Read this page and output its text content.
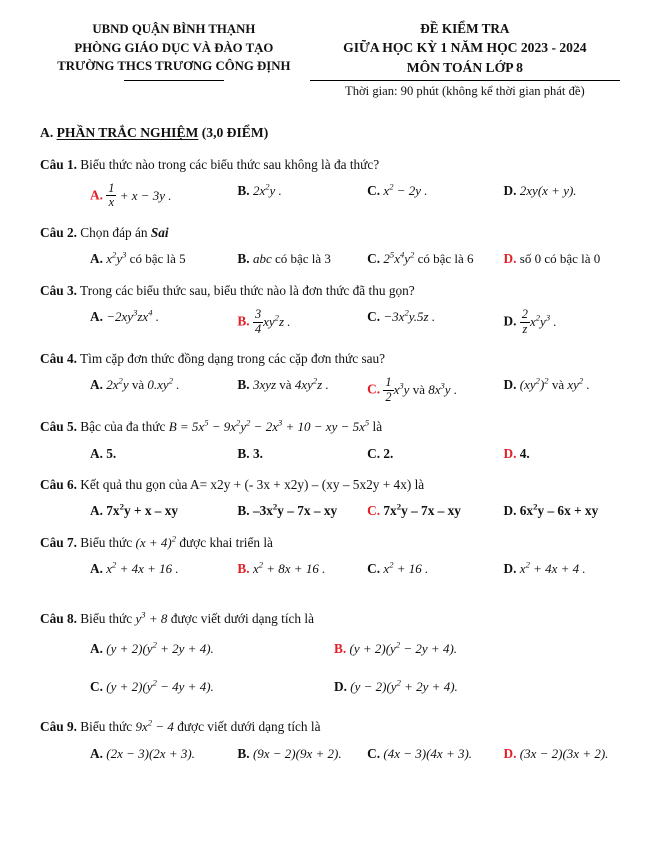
UBND QUẬN BÌNH THẠNH
PHÒNG GIÁO DỤC VÀ ĐÀO TẠO
TRƯỜNG THCS TRƯƠNG CÔNG ĐỊNH
ĐỀ KIỂM TRA
GIỮA HỌC KỲ 1 NĂM HỌC 2023 - 2024
MÔN TOÁN LỚP 8
Thời gian: 90 phút (không kể thời gian phát đề)
A. PHẦN TRẮC NGHIỆM (3,0 ĐIỂM)
Câu 1. Biểu thức nào trong các biểu thức sau không là đa thức?
A. $\frac{1}{x} + x - 3y$ .	B. $2x^2y$ .	C. $x^2 - 2y$ .	D. 2xy(x + y).
Câu 2. Chọn đáp án Sai
A. $x^2y^3$ có bậc là 5	B. abc có bậc là 3	C. $2^5x^4y^2$ có bậc là 6	D. số 0 có bậc là 0
Câu 3. Trong các biểu thức sau, biểu thức nào là đơn thức đã thu gọn?
A. $-2xy^3zx^4$ .	B. $\frac{3}{4} xy^2z$ .	C. $-3x^2y.5z$ .	D. $\frac{2}{z} x^2y^3$ .
Câu 4. Tìm cặp đơn thức đồng dạng trong các cặp đơn thức sau?
A. $2x^2y$ và $0.xy^2$ .	B. 3xyz và $4xy^2z$ .	C. $\frac{1}{2} x^3y$ và $8x^3y$ .	D. $(xy^2)^2$ và $xy^2$ .
Câu 5. Bậc của đa thức $B = 5x^5 - 9x^2y^2 - 2x^3 + 10$ − xy − $5x^5$ là
A. 5.	B. 3.	C. 2.	D. 4.
Câu 6. Kết quả thu gọn của A= x2y + (- 3x + x2y) – (xy – 5x2y + 4x) là
A. $7x^2y + x$ – xy	B. $-3x^2y - 7x$ – xy	C. $7x^2y - 7x$ – xy	D. $6x^2y - 6x$ + xy
Câu 7. Biểu thức $(x + 4)^2$ được khai triển là
A. $x^2 + 4x + 16$ .	B. $x^2 + 8x + 16$ .	C. $x^2 + 16$ .	D. $x^2 + 4x + 4$ .
Câu 8. Biểu thức $y^3 + 8$ được viết dưới dạng tích là
A. $(y + 2)(y^2 + 2y + 4)$.	B. $(y + 2)(y^2 - 2y + 4)$.
C. $(y + 2)(y^2 - 4y + 4)$.	D. $(y - 2)(y^2 + 2y + 4)$.
Câu 9. Biểu thức $9x^2 - 4$ được viết dưới dạng tích là
A. (2x − 3)(2x + 3).	B. (9x − 2)(9x + 2).	C. (4x − 3)(4x + 3).	D. (3x − 2)(3x + 2).
